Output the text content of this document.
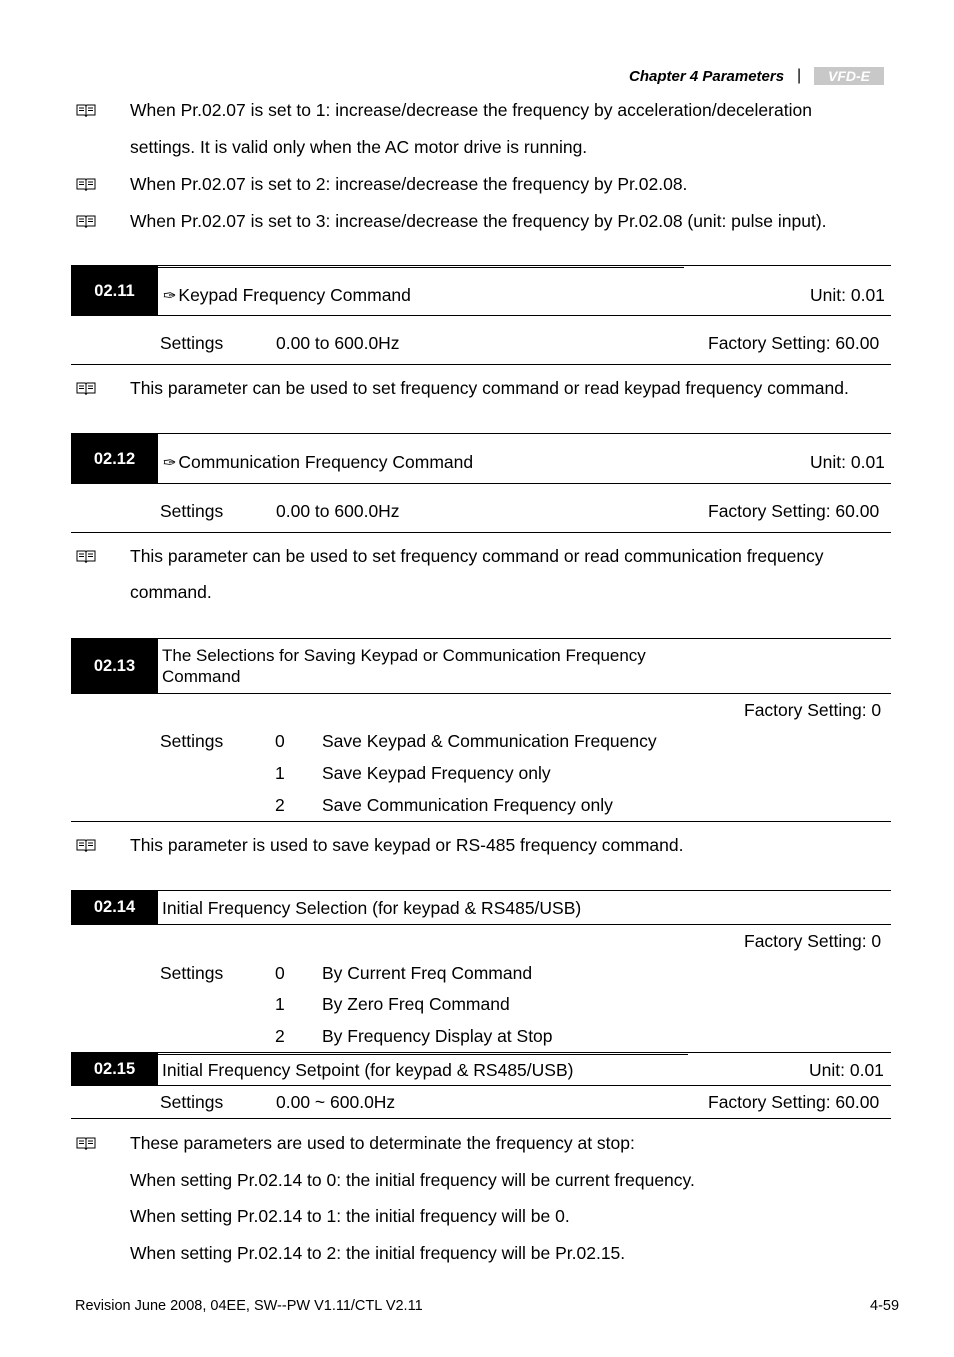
Chapter 4 Parameters | VFD-E
When Pr.02.07 is set to 1: increase/decrease the frequency by acceleration/deceleration
settings. It is valid only when the AC motor drive is running.
When Pr.02.07 is set to 2: increase/decrease the frequency by Pr.02.08.
When Pr.02.07 is set to 3: increase/decrease the frequency by Pr.02.08 (unit: pulse input).
02.11	✑ Keypad Frequency Command	Unit: 0.01
Settings	0.00 to 600.0Hz	Factory Setting: 60.00
This parameter can be used to set frequency command or read keypad frequency command.
02.12	✑ Communication Frequency Command	Unit: 0.01
Settings	0.00 to 600.0Hz	Factory Setting: 60.00
This parameter can be used to set frequency command or read communication frequency
command.
02.13
The Selections for Saving Keypad or Communication Frequency
Command
Factory Setting: 0
Settings	0 Save Keypad & Communication Frequency
1 Save Keypad Frequency only
2 Save Communication Frequency only
This parameter is used to save keypad or RS-485 frequency command.
02.14	Initial Frequency Selection (for keypad & RS485/USB)
Factory Setting: 0
Settings	0 By Current Freq Command
1 By Zero Freq Command
2 By Frequency Display at Stop
02.15	Initial Frequency Setpoint (for keypad & RS485/USB)	Unit: 0.01
Settings	0.00 ~ 600.0Hz	Factory Setting: 60.00
These parameters are used to determinate the frequency at stop:
When setting Pr.02.14 to 0: the initial frequency will be current frequency.
When setting Pr.02.14 to 1: the initial frequency will be 0.
When setting Pr.02.14 to 2: the initial frequency will be Pr.02.15.
Revision June 2008, 04EE, SW--PW V1.11/CTL V2.11	4-59
